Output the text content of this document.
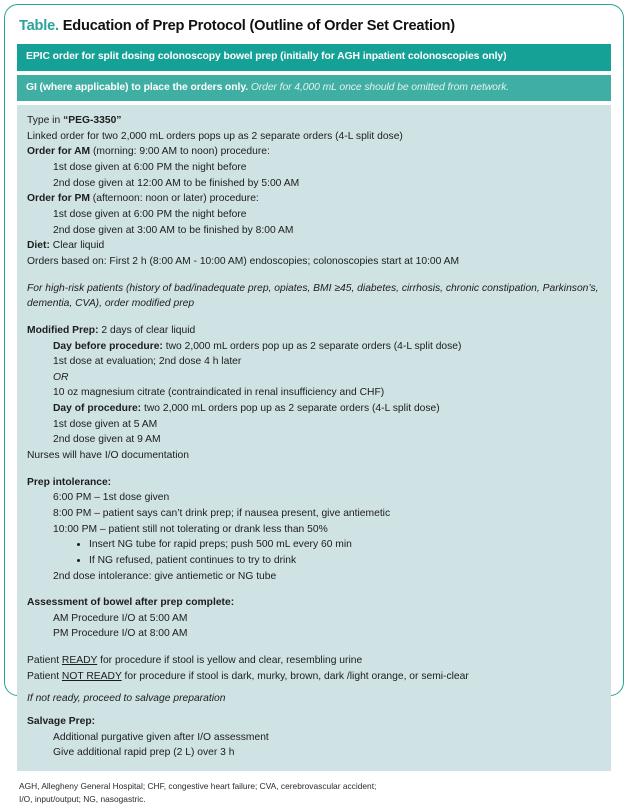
Table. Education of Prep Protocol (Outline of Order Set Creation)
EPIC order for split dosing colonoscopy bowel prep (initially for AGH inpatient colonoscopies only)
GI (where applicable) to place the orders only. Order for 4,000 mL once should be omitted from network.
Type in “PEG-3350”
Linked order for two 2,000 mL orders pops up as 2 separate orders (4-L split dose)
Order for AM (morning: 9:00 AM to noon) procedure:
1st dose given at 6:00 PM the night before
2nd dose given at 12:00 AM to be finished by 5:00 AM
Order for PM (afternoon: noon or later) procedure:
1st dose given at 6:00 PM the night before
2nd dose given at 3:00 AM to be finished by 8:00 AM
Diet: Clear liquid
Orders based on: First 2 h (8:00 AM - 10:00 AM) endoscopies; colonoscopies start at 10:00 AM
For high-risk patients (history of bad/inadequate prep, opiates, BMI ≥45, diabetes, cirrhosis, chronic constipation, Parkinson’s, dementia, CVA), order modified prep
Modified Prep: 2 days of clear liquid
Day before procedure: two 2,000 mL orders pop up as 2 separate orders (4-L split dose)
1st dose at evaluation; 2nd dose 4 h later
OR
10 oz magnesium citrate (contraindicated in renal insufficiency and CHF)
Day of procedure: two 2,000 mL orders pop up as 2 separate orders (4-L split dose)
1st dose given at 5 AM
2nd dose given at 9 AM
Nurses will have I/O documentation
Prep intolerance:
6:00 PM – 1st dose given
8:00 PM – patient says can’t drink prep; if nausea present, give antiemetic
10:00 PM – patient still not tolerating or drank less than 50%
• Insert NG tube for rapid preps; push 500 mL every 60 min
• If NG refused, patient continues to try to drink
2nd dose intolerance: give antiemetic or NG tube
Assessment of bowel after prep complete:
AM Procedure I/O at 5:00 AM
PM Procedure I/O at 8:00 AM
Patient READY for procedure if stool is yellow and clear, resembling urine
Patient NOT READY for procedure if stool is dark, murky, brown, dark /light orange, or semi-clear
If not ready, proceed to salvage preparation
Salvage Prep:
Additional purgative given after I/O assessment
Give additional rapid prep (2 L) over 3 h
AGH, Allegheny General Hospital; CHF, congestive heart failure; CVA, cerebrovascular accident;
I/O, input/output; NG, nasogastric.
